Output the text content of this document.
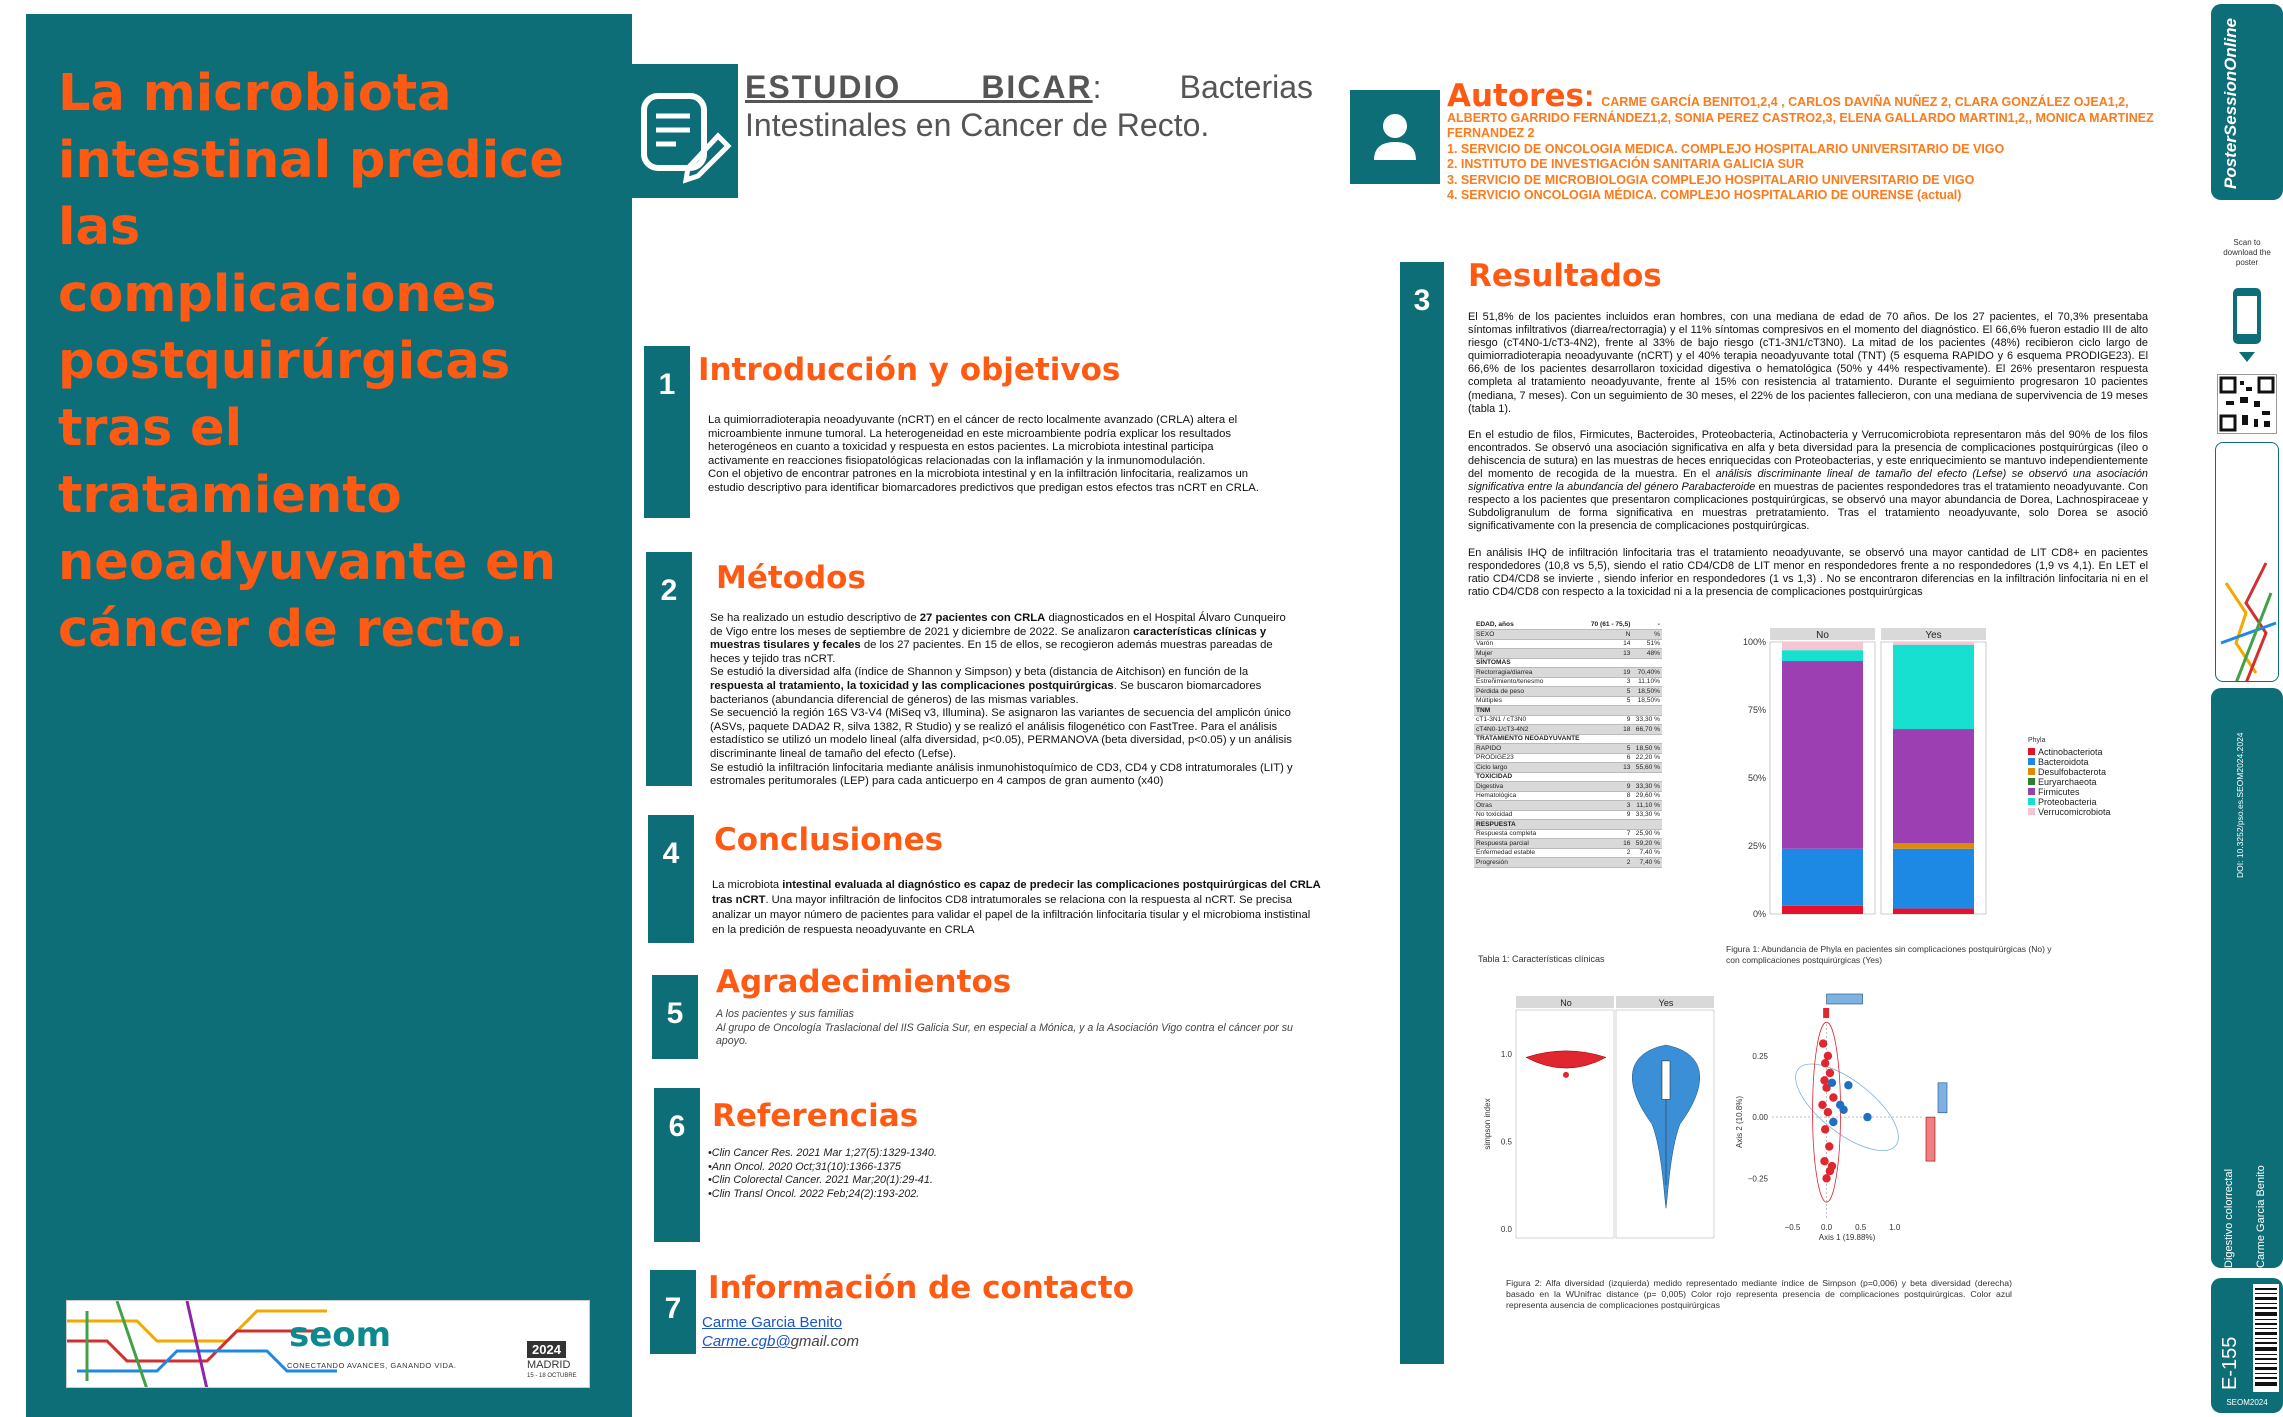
La microbiota intestinal predice las complicaciones postquirúrgicas tras el tratamiento neoadyuvante en cáncer de recto.
seom	2024
MADRID
15 - 18 OCTUBRE
CONECTANDO AVANCES, GANANDO VIDA.
ESTUDIO BICAR: Bacterias Intestinales en Cancer de Recto.
Autores: CARME GARCÍA BENITO1,2,4 , CARLOS DAVIÑA NUÑEZ 2, CLARA GONZÁLEZ OJEA1,2, ALBERTO GARRIDO FERNÁNDEZ1,2, SONIA PEREZ CASTRO2,3, ELENA GALLARDO MARTIN1,2,, MONICA MARTINEZ FERNANDEZ 2
1. SERVICIO DE ONCOLOGIA MEDICA. COMPLEJO HOSPITALARIO UNIVERSITARIO DE VIGO
2. INSTITUTO DE INVESTIGACIÓN SANITARIA GALICIA SUR
3. SERVICIO DE MICROBIOLOGIA COMPLEJO HOSPITALARIO UNIVERSITARIO DE VIGO
4. SERVICIO ONCOLOGIA MÉDICA. COMPLEJO HOSPITALARIO DE OURENSE (actual)
1 Introducción y objetivos

La quimiorradioterapia neoadyuvante (nCRT) en el cáncer de recto localmente avanzado (CRLA) altera el microambiente inmune tumoral. La heterogeneidad en este microambiente podría explicar los resultados heterogéneos en cuanto a toxicidad y respuesta en estos pacientes. La microbiota intestinal participa activamente en reacciones fisiopatológicas relacionadas con la inflamación y la inmunomodulación.

Con el objetivo de encontrar patrones en la microbiota intestinal y en la infiltración linfocitaria, realizamos un estudio descriptivo para identificar biomarcadores predictivos que predigan estos efectos tras nCRT en CRLA.

2	Métodos

Se ha realizado un estudio descriptivo de 27 pacientes con CRLA diagnosticados en el Hospital Álvaro Cunqueiro de Vigo entre los meses de septiembre de 2021 y diciembre de 2022. Se analizaron características clínicas y muestras tisulares y fecales de los 27 pacientes. En 15 de ellos, se recogieron además muestras pareadas de heces y tejido tras nCRT.

Se estudió la diversidad alfa (índice de Shannon y Simpson) y beta (distancia de Aitchison) en función de la respuesta al tratamiento, la toxicidad y las complicaciones postquirúrgicas. Se buscaron biomarcadores bacterianos (abundancia diferencial de géneros) de las mismas variables.

Se secuenció la región 16S V3-V4 (MiSeq v3, Illumina). Se asignaron las variantes de secuencia del amplicón único (ASVs, paquete DADA2 R, silva 1382, R Studio) y se realizó el análisis filogenético con FastTree. Para el análisis estadístico se utilizó un modelo lineal (alfa diversidad, p<0.05), PERMANOVA (beta diversidad, p<0.05) y un análisis discriminante lineal de tamaño del efecto (Lefse).

Se estudió la infiltración linfocitaria mediante análisis inmunohistoquímico de CD3, CD4 y CD8 intratumorales (LIT) y estromales peritumorales (LEP) para cada anticuerpo en 4 campos de gran aumento (x40)

4	Conclusiones
La microbiota intestinal evaluada al diagnóstico es capaz de predecir las complicaciones postquirúrgicas del CRLA tras nCRT. Una mayor infiltración de linfocitos CD8 intratumorales se relaciona con la respuesta al nCRT. Se precisa analizar un mayor número de pacientes para validar el papel de la infiltración linfocitaria tisular y el microbioma instistinal en la predición de respuesta neoadyuvante en CRLA
5
Agradecimientos

A los pacientes y sus familias

Al grupo de Oncología Traslacional del IIS Galicia Sur, en especial a Mónica, y a la Asociación Vigo contra el cáncer por su apoyo.

6 Referencias

•Clin Cancer Res. 2021 Mar 1;27(5):1329-1340.

•Ann Oncol. 2020 Oct;31(10):1366-1375

•Clin Colorectal Cancer. 2021 Mar;20(1):29-41.

•Clin Transl Oncol. 2022 Feb;24(2):193-202.

7
Información de contacto
Carme Garcia Benito
Carme.cgb@gmail.com
3
Resultados

El 51,8% de los pacientes incluidos eran hombres, con una mediana de edad de 70 años. De los 27 pacientes, el 70,3% presentaba síntomas infiltrativos (diarrea/rectorragia) y el 11% síntomas compresivos en el momento del diagnóstico. El 66,6% fueron estadio III de alto riesgo (cT4N0-1/cT3-4N2), frente al 33% de bajo riesgo (cT1-3N1/cT3N0). La mitad de los pacientes (48%) recibieron ciclo largo de quimiorradioterapia neoadyuvante (nCRT) y el 40% terapia neoadyuvante total (TNT) (5 esquema RAPIDO y 6 esquema PRODIGE23). El 66,6% de los pacientes desarrollaron toxicidad digestiva o hematológica (50% y 44% respectivamente). El 26% presentaron respuesta completa al tratamiento neoadyuvante, frente al 15% con resistencia al tratamiento. Durante el seguimiento progresaron 10 pacientes (mediana, 7 meses). Con un seguimiento de 30 meses, el 22% de los pacientes fallecieron, con una mediana de supervivencia de 19 meses (tabla 1).

En el estudio de filos, Firmicutes, Bacteroides, Proteobacteria, Actinobacteria y Verrucomicrobiota representaron más del 90% de los filos encontrados. Se observó una asociación significativa en alfa y beta diversidad para la presencia de complicaciones postquirúrgicas (íleo o dehiscencia de sutura) en las muestras de heces enriquecidas con Proteobacterias, y este enriquecimiento se mantuvo independientemente del momento de recogida de la muestra. En el análisis discriminante lineal de tamaño del efecto (Lefse) se observó una asociación significativa entre la abundancia del género Parabacteroide en muestras de pacientes respondedores tras el tratamiento neoadyuvante. Con respecto a los pacientes que presentaron complicaciones postquirúrgicas, se observó una mayor abundancia de Dorea, Lachnospiraceae y Subdoligranulum de forma significativa en muestras pretratamiento. Tras el tratamiento neoadyuvante, solo Dorea se asoció significativamente con la presencia de complicaciones postquirúrgicas.

En análisis IHQ de infiltración linfocitaria tras el tratamiento neoadyuvante, se observó una mayor cantidad de LIT CD8+ en pacientes respondedores (10,8 vs 5,5), siendo el ratio CD4/CD8 de LIT menor en respondedores frente a no respondedores (1,9 vs 4,1). En LET el ratio CD4/CD8 se invierte , siendo inferior en respondedores (1 vs 1,3) . No se encontraron diferencias en la infiltración linfocitaria ni en el ratio CD4/CD8 con respecto a la toxicidad ni a la presencia de complicaciones postquirúrgicas

EDAD, años	70 (61 - 75,5)	-
SEXO	N	%
Varón	14	51%
Mujer	13	48%
SÍNTOMAS		
Rectorragia/diarrea	19	70,40%
Estreñimiento/tenesmo	3	11,10%
Pérdida de peso	5	18,50%
Múltiples	5	18,50%
TNM		
cT1-3N1 / cT3N0	9	33,30 %
cT4N0-1/cT3-4N2	18	66,70 %
TRATAMIENTO NEOADYUVANTE		
RAPIDO	5	18,50 %
PRODIGE23	6	22,20 %
Ciclo largo	13	55,60 %
TOXICIDAD		
Digestiva	9	33,30 %
Hematológica	8	29,60 %
Otras	3	11,10 %
No toxicidad	9	33,30 %
RESPUESTA		
Respuesta completa	7	25,90 %
Respuesta parcial	16	59,20 %
Enfermedad estable	2	7,40 %
Progresión	2	7,40 %
Tabla 1: Características clínicas
No	Yes
0%
25%
50%
75%
100%
Phyla
Actinobacteriota
Bacteroidota
Desulfobacterota
Euryarchaeota
Firmicutes
Proteobacteria
Verrucomicrobiota
Figura 1: Abundancia de Phyla en pacientes sin complicaciones postquirúrgicas (No) y con complicaciones postquirúrgicas (Yes)
No	Yes
0.0
0.5
1.0
simpson index
−0.5	0.0	0.5	1.0
0.25
0.00
−0.25
Axis 1 (19.88%)
Axis 2 (10.8%)
Figura 2: Alfa diversidad (izquierda) medido representado mediante índice de Simpson (p=0,006) y beta diversidad (derecha) basado en la WUnifrac distance (p= 0,005) Color rojo representa presencia de complicaciones postquirúrgicas. Color azul representa ausencia de complicaciones postquirúrgicas
PosterSessionOnline
Scan to download the poster
DOI: 10.3252/pso.es.SEOM2024.2024
Digestivo colorrectal Carme Garcia Benito
E-155
SEOM2024
